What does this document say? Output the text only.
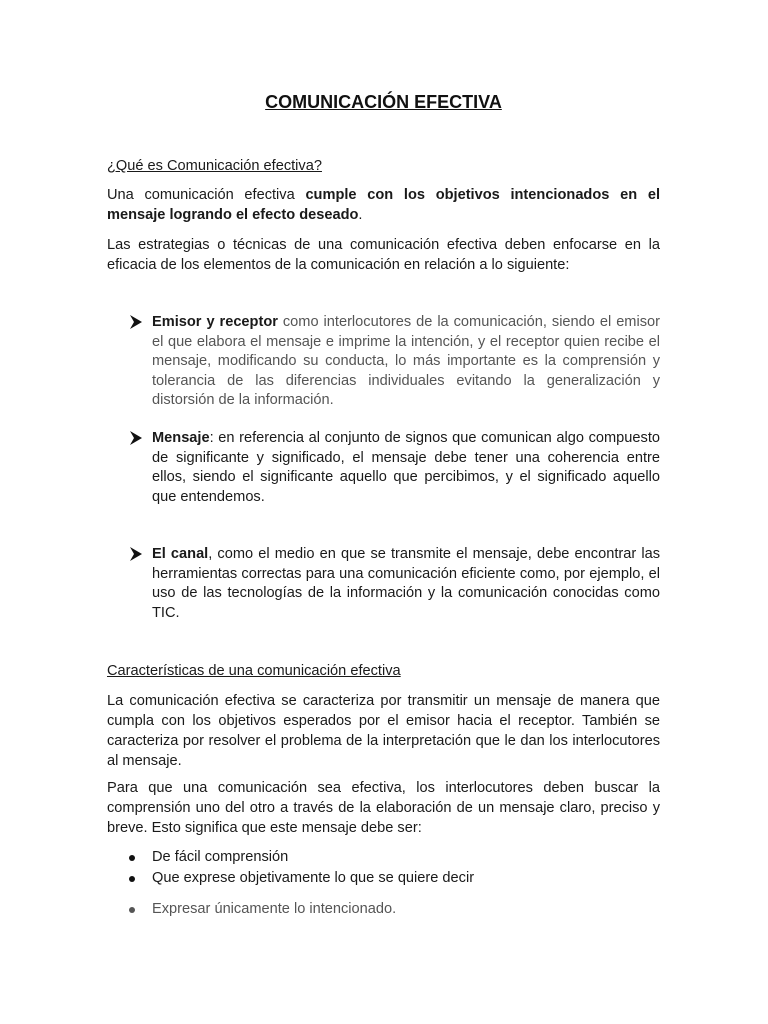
COMUNICACIÓN EFECTIVA

¿Qué es Comunicación efectiva?

Una comunicación efectiva cumple con los objetivos intencionados en el mensaje logrando el efecto deseado.

Las estrategias o técnicas de una comunicación efectiva deben enfocarse en la eficacia de los elementos de la comunicación en relación a lo siguiente:

Emisor y receptor como interlocutores de la comunicación, siendo el emisor el que elabora el mensaje e imprime la intención, y el receptor quien recibe el mensaje, modificando su conducta, lo más importante es la comprensión y tolerancia de las diferencias individuales evitando la generalización y distorsión de la información.

Mensaje: en referencia al conjunto de signos que comunican algo compuesto de significante y significado, el mensaje debe tener una coherencia entre ellos, siendo el significante aquello que percibimos, y el significado aquello que entendemos.

El canal, como el medio en que se transmite el mensaje, debe encontrar las herramientas correctas para una comunicación eficiente como, por ejemplo, el uso de las tecnologías de la información y la comunicación conocidas como TIC.

Características de una comunicación efectiva

La comunicación efectiva se caracteriza por transmitir un mensaje de manera que cumpla con los objetivos esperados por el emisor hacia el receptor. También se caracteriza por resolver el problema de la interpretación que le dan los interlocutores al mensaje.

Para que una comunicación sea efectiva, los interlocutores deben buscar la comprensión uno del otro a través de la elaboración de un mensaje claro, preciso y breve. Esto significa que este mensaje debe ser:

De fácil comprensión
Que exprese objetivamente lo que se quiere decir
Expresar únicamente lo intencionado.
